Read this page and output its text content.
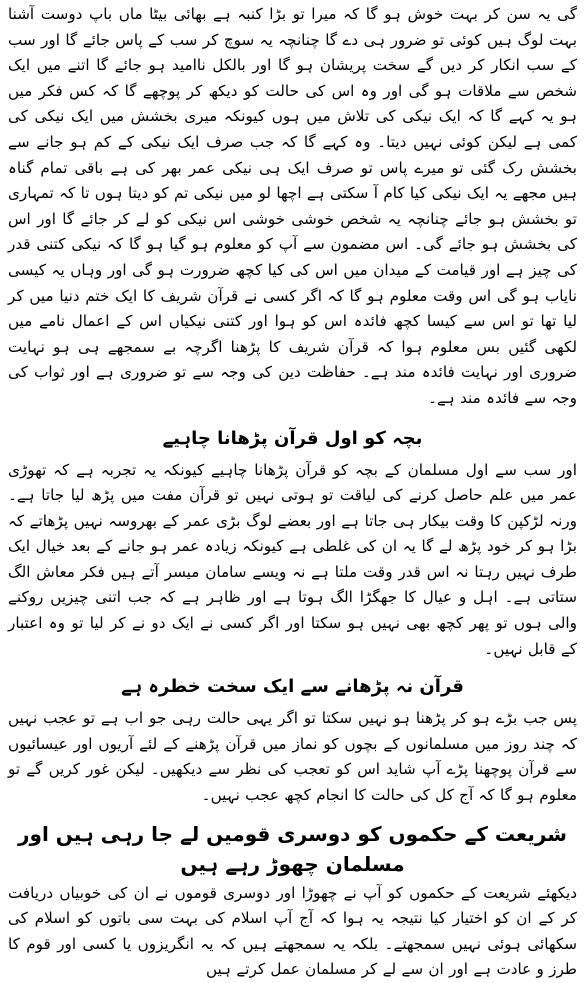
گی یہ سن کر بہت خوش ہو گا کہ میرا تو بڑا کنبہ ہے بھائی بیٹا ماں باپ دوست آشنا بہت لوگ ہیں کوئی تو ضرور ہی دے گا چنانچہ یہ سوچ کر سب کے پاس جائے گا اور سب کے سب انکار کر دیں گے سخت پریشان ہو گا اور بالکل ناامید ہو جائے گا اتنے میں ایک شخص سے ملاقات ہو گی اور وہ اس کی حالت کو دیکھ کر پوچھے گا کہ کس فکر میں ہو یہ کہے گا کہ ایک نیکی کی تلاش میں ہوں کیونکہ میری بخشش میں ایک نیکی کی کمی ہے لیکن کوئی نہیں دیتا۔ وہ کہے گا کہ جب صرف ایک نیکی کے کم ہو جانے سے بخشش رک گئی تو میرے پاس تو صرف ایک ہی نیکی عمر بھر کی ہے باقی تمام گناہ ہیں مجھے یہ ایک نیکی کیا کام آ سکتی ہے اچھا لو میں نیکی تم کو دیتا ہوں تا کہ تمہاری تو بخشش ہو جائے چنانچہ یہ شخص خوشی خوشی اس نیکی کو لے کر جائے گا اور اس کی بخشش ہو جائے گی۔ اس مضمون سے آپ کو معلوم ہو گیا ہو گا کہ نیکی کتنی قدر کی چیز ہے اور قیامت کے میدان میں اس کی کیا کچھ ضرورت ہو گی اور وہاں یہ کیسی نایاب ہو گی اس وقت معلوم ہو گا کہ اگر کسی نے قرآن شریف کا ایک ختم دنیا میں کر لیا تھا تو اس سے کیسا کچھ فائدہ اس کو ہوا اور کتنی نیکیاں اس کے اعمال نامے میں لکھی گئیں بس معلوم ہوا کہ قرآن شریف کا پڑھنا اگرچہ بے سمجھے ہی ہو نہایت ضروری اور نہایت فائدہ مند ہے۔ حفاظت دین کی وجہ سے تو ضروری ہے اور ثواب کی وجہ سے فائدہ مند ہے۔

بچہ کو اول قرآن پڑھانا چاہیے

اور سب سے اول مسلمان کے بچہ کو قرآن پڑھانا چاہیے کیونکہ یہ تجربہ ہے کہ تھوڑی عمر میں علم حاصل کرنے کی لیاقت تو ہوتی نہیں تو قرآن مفت میں پڑھ لیا جاتا ہے۔ ورنہ لڑکپن کا وقت بیکار ہی جاتا ہے اور بعضے لوگ بڑی عمر کے بھروسہ نہیں پڑھاتے کہ بڑا ہو کر خود پڑھ لے گا یہ ان کی غلطی ہے کیونکہ زیادہ عمر ہو جانے کے بعد خیال ایک طرف نہیں رہتا نہ اس قدر وقت ملتا ہے نہ ویسے سامان میسر آتے ہیں فکر معاش الگ ستاتی ہے۔ اہل و عیال کا جھگڑا الگ ہوتا ہے اور ظاہر ہے کہ جب اتنی چیزیں روکنے والی ہوں تو پھر کچھ بھی نہیں ہو سکتا اور اگر کسی نے ایک دو نے کر لیا تو وہ اعتبار کے قابل نہیں۔

قرآن نہ پڑھانے سے ایک سخت خطرہ ہے

پس جب بڑے ہو کر پڑھنا ہو نہیں سکتا تو اگر یہی حالت رہی جو اب ہے تو عجب نہیں کہ چند روز میں مسلمانوں کے بچوں کو نماز میں قرآن پڑھنے کے لئے آریوں اور عیسائیوں سے قرآن پوچھنا پڑے آپ شاید اس کو تعجب کی نظر سے دیکھیں۔ لیکن غور کریں گے تو معلوم ہو گا کہ آج کل کی حالت کا انجام کچھ عجب نہیں۔

شریعت کے حکموں کو دوسری قومیں لے جا رہی ہیں اور مسلمان چھوڑ رہے ہیں

دیکھئے شریعت کے حکموں کو آپ نے چھوڑا اور دوسری قوموں نے ان کی خوبیاں دریافت کر کے ان کو اختیار کیا نتیجہ یہ ہوا کہ آج آپ اسلام کی بہت سی باتوں کو اسلام کی سکھائی ہوئی نہیں سمجھتے۔ بلکہ یہ سمجھتے ہیں کہ یہ انگریزوں یا کسی اور قوم کا طرز و عادت ہے اور ان سے لے کر مسلمان عمل کرتے ہیں
